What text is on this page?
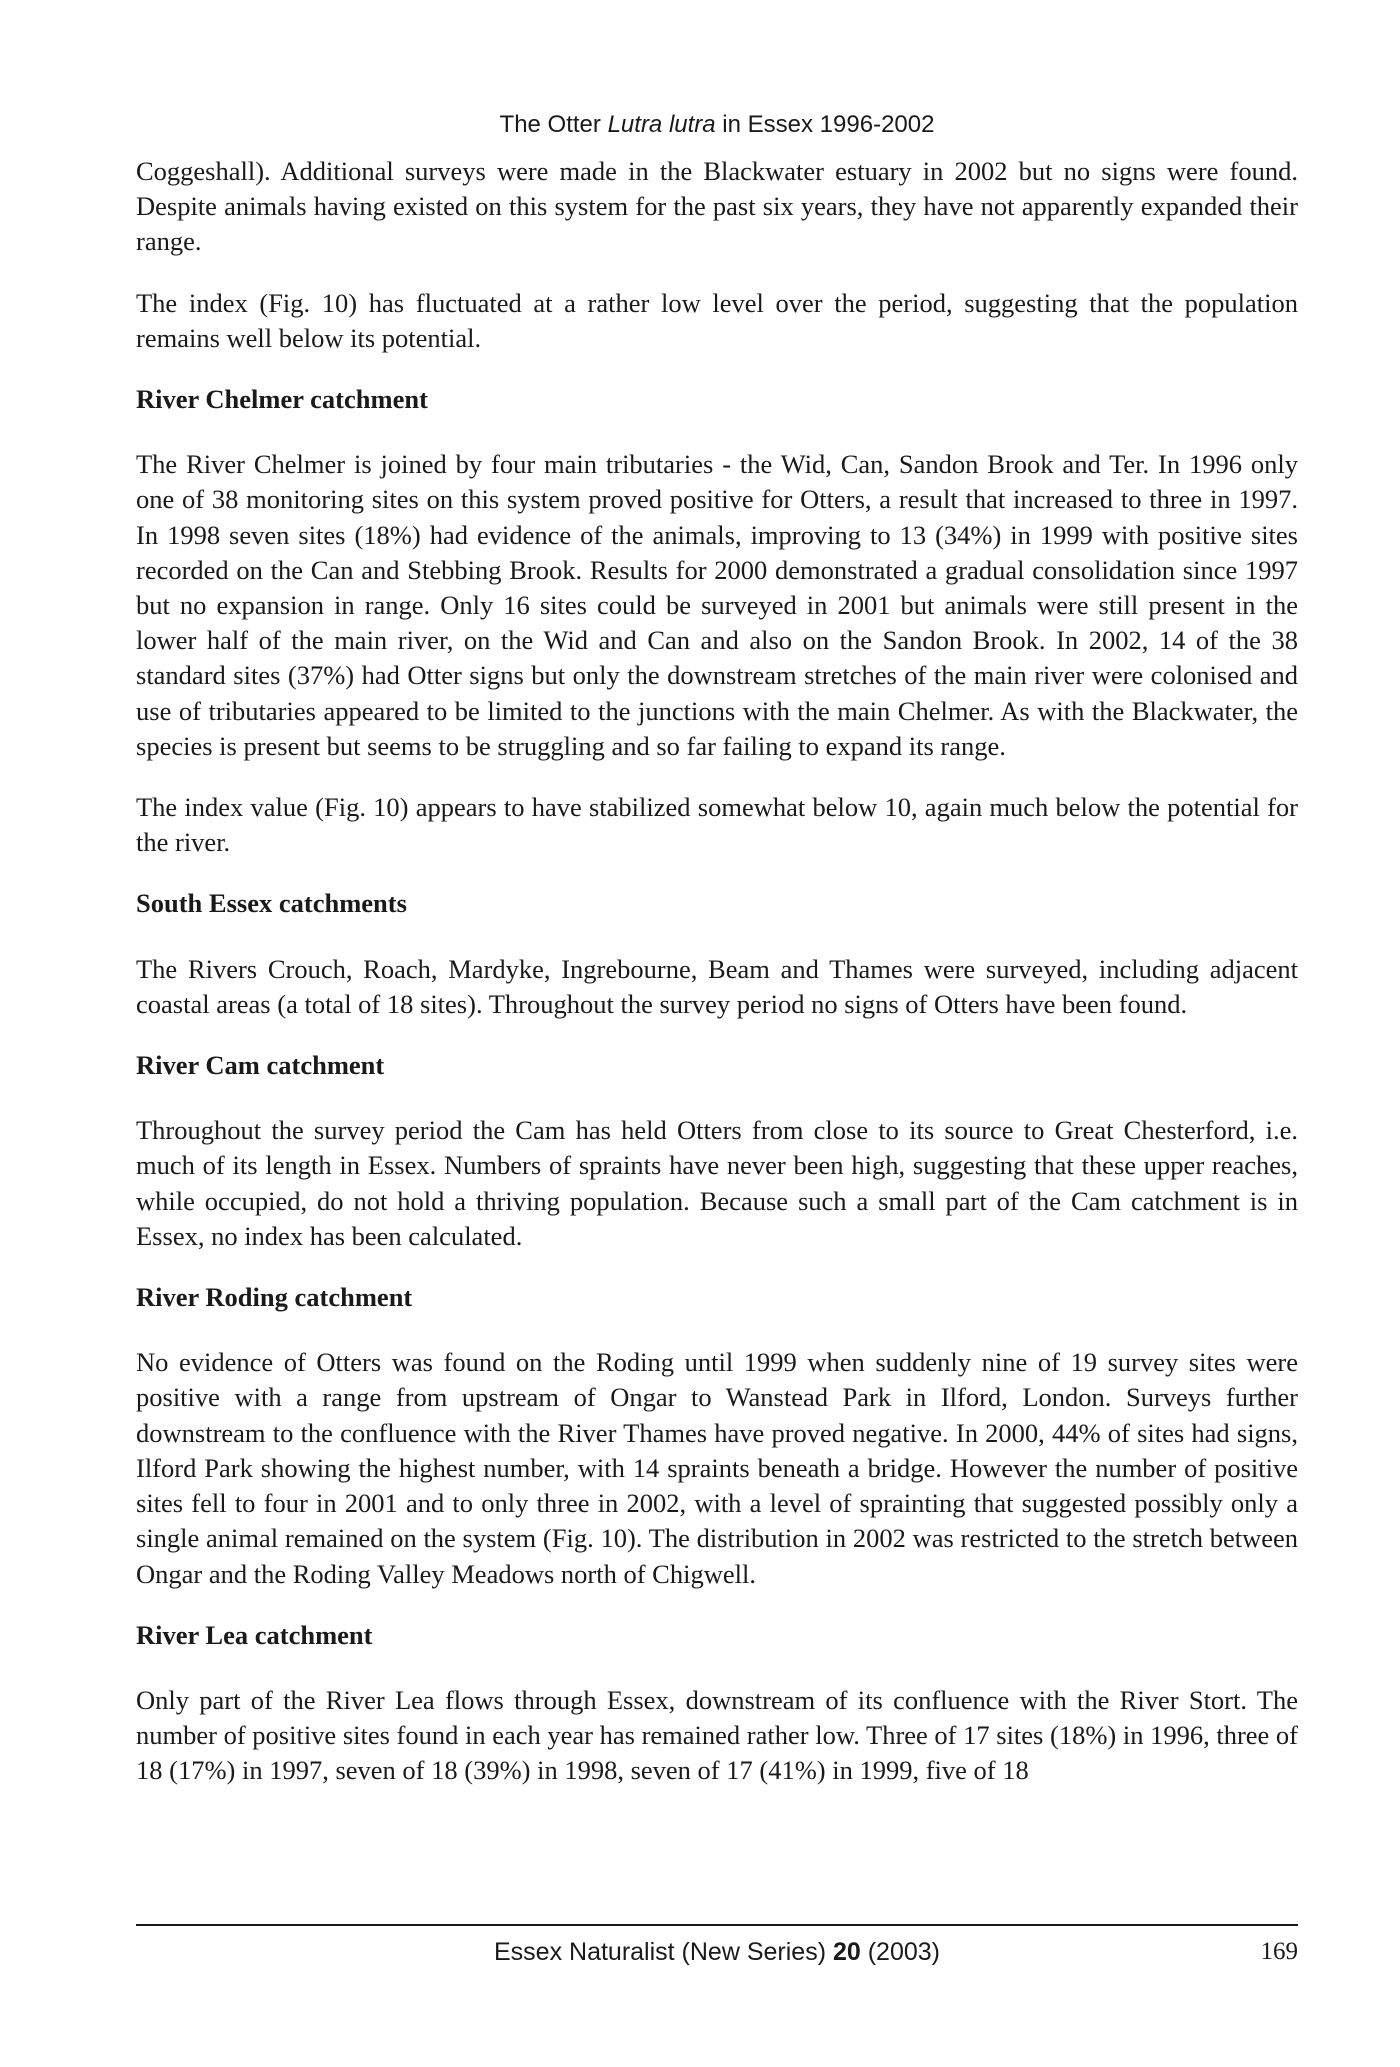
The Otter Lutra lutra in Essex 1996-2002

Coggeshall). Additional surveys were made in the Blackwater estuary in 2002 but no signs were found. Despite animals having existed on this system for the past six years, they have not apparently expanded their range.

The index (Fig. 10) has fluctuated at a rather low level over the period, suggesting that the population remains well below its potential.

River Chelmer catchment

The River Chelmer is joined by four main tributaries - the Wid, Can, Sandon Brook and Ter. In 1996 only one of 38 monitoring sites on this system proved positive for Otters, a result that increased to three in 1997. In 1998 seven sites (18%) had evidence of the animals, improving to 13 (34%) in 1999 with positive sites recorded on the Can and Stebbing Brook. Results for 2000 demonstrated a gradual consolidation since 1997 but no expansion in range. Only 16 sites could be surveyed in 2001 but animals were still present in the lower half of the main river, on the Wid and Can and also on the Sandon Brook. In 2002, 14 of the 38 standard sites (37%) had Otter signs but only the downstream stretches of the main river were colonised and use of tributaries appeared to be limited to the junctions with the main Chelmer. As with the Blackwater, the species is present but seems to be struggling and so far failing to expand its range.

The index value (Fig. 10) appears to have stabilized somewhat below 10, again much below the potential for the river.

South Essex catchments

The Rivers Crouch, Roach, Mardyke, Ingrebourne, Beam and Thames were surveyed, including adjacent coastal areas (a total of 18 sites). Throughout the survey period no signs of Otters have been found.

River Cam catchment

Throughout the survey period the Cam has held Otters from close to its source to Great Chesterford, i.e. much of its length in Essex. Numbers of spraints have never been high, suggesting that these upper reaches, while occupied, do not hold a thriving population. Because such a small part of the Cam catchment is in Essex, no index has been calculated.

River Roding catchment

No evidence of Otters was found on the Roding until 1999 when suddenly nine of 19 survey sites were positive with a range from upstream of Ongar to Wanstead Park in Ilford, London. Surveys further downstream to the confluence with the River Thames have proved negative. In 2000, 44% of sites had signs, Ilford Park showing the highest number, with 14 spraints beneath a bridge. However the number of positive sites fell to four in 2001 and to only three in 2002, with a level of sprainting that suggested possibly only a single animal remained on the system (Fig. 10). The distribution in 2002 was restricted to the stretch between Ongar and the Roding Valley Meadows north of Chigwell.

River Lea catchment

Only part of the River Lea flows through Essex, downstream of its confluence with the River Stort. The number of positive sites found in each year has remained rather low. Three of 17 sites (18%) in 1996, three of 18 (17%) in 1997, seven of 18 (39%) in 1998, seven of 17 (41%) in 1999, five of 18

Essex Naturalist (New Series) 20 (2003)	169
